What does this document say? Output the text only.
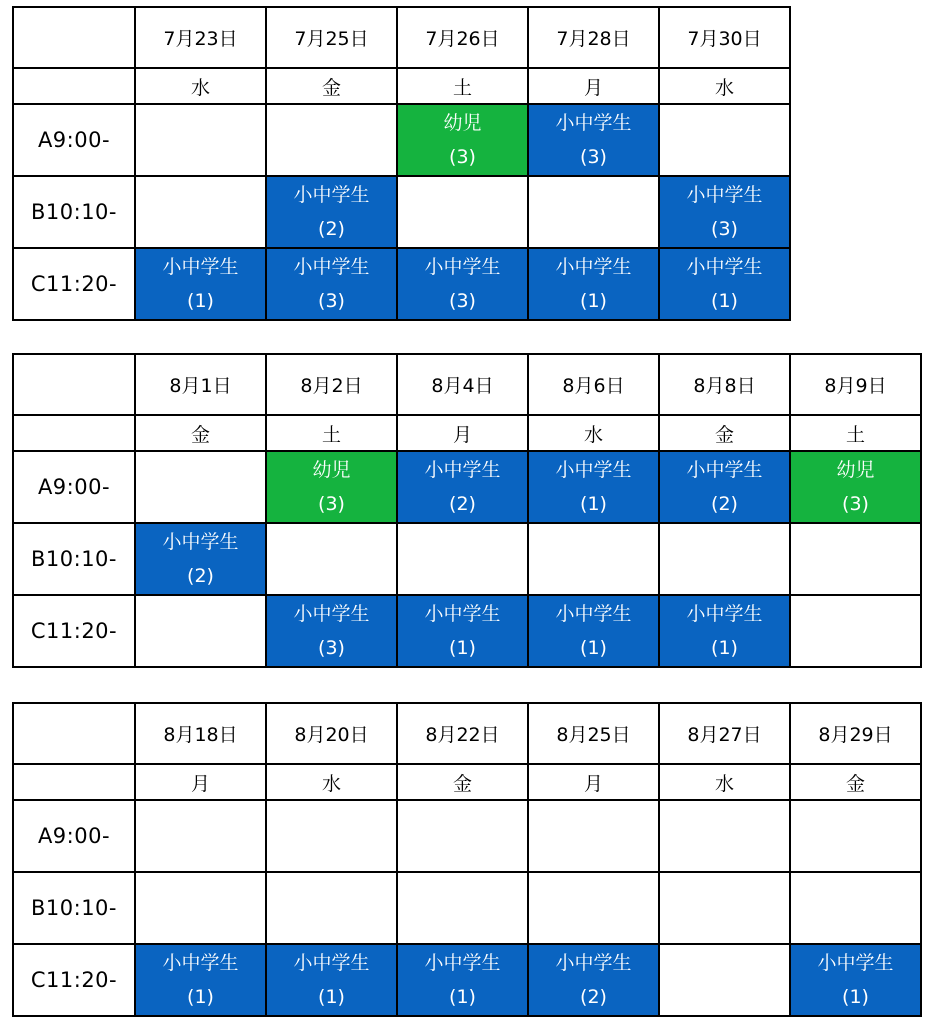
	7月23日	7月25日	7月26日	7月28日	7月30日
	水	金	土	月	水
A9:00-			幼児
(3)	小中学生
(3)	

B10:10-		小中学生
(2)			小中学生
(3)

C11:20-	小中学生
(1)	小中学生
(3)	小中学生
(3)	小中学生
(1)	小中学生
(1)
	8月1日	8月2日	8月4日	8月6日	8月8日	8月9日
	金	土	月	水	金	土
A9:00-		幼児
(3)	小中学生
(2)	小中学生
(1)	小中学生
(2)	幼児
(3)

B10:10-	小中学生
(2)					

C11:20-		小中学生
(3)	小中学生
(1)	小中学生
(1)	小中学生
(1)	

	8月18日	8月20日	8月22日	8月25日	8月27日	8月29日
	月	水	金	月	水	金
A9:00-						
B10:10-						
C11:20-	小中学生
(1)	小中学生
(1)	小中学生
(1)	小中学生
(2)		小中学生
(1)
